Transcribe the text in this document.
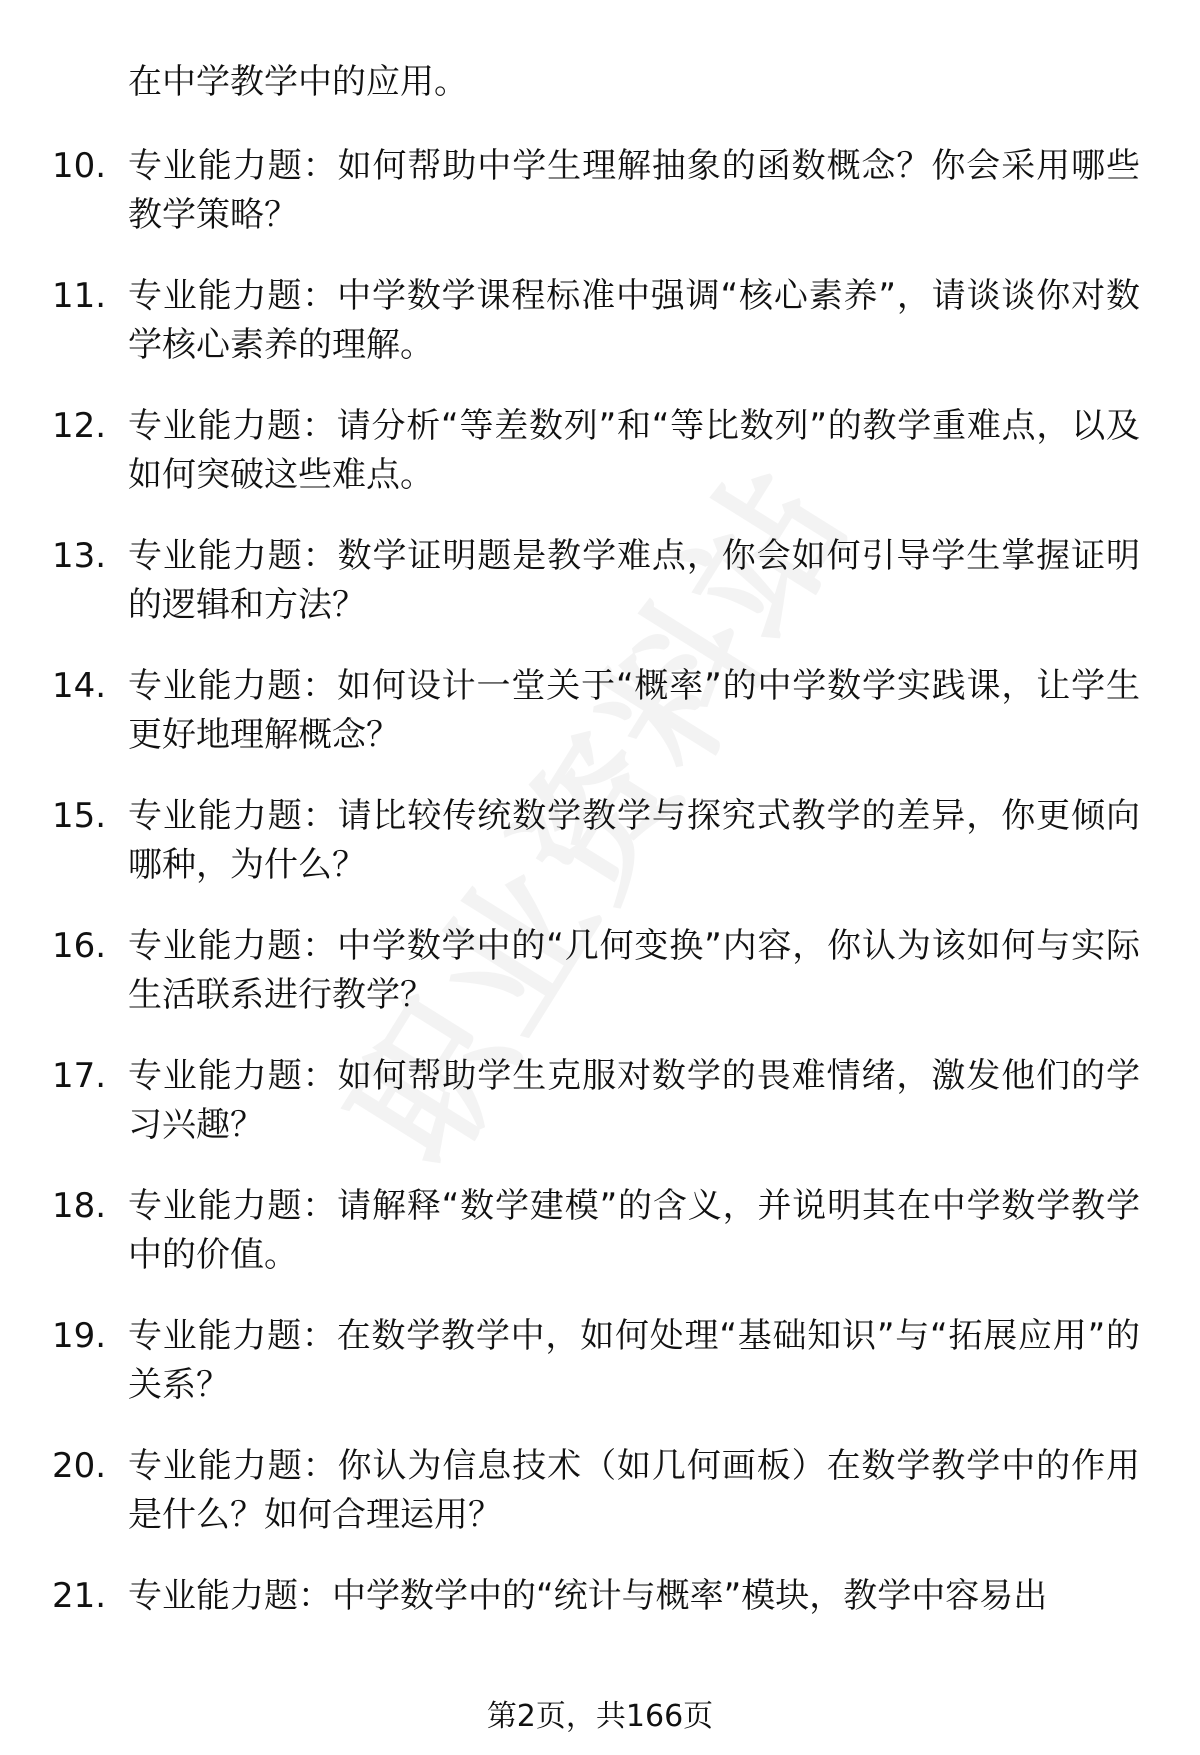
在中学教学中的应用。
10. 专业能力题：如何帮助中学生理解抽象的函数概念？你会采用哪些教学策略？
11. 专业能力题：中学数学课程标准中强调“核心素养”，请谈谈你对数学核心素养的理解。
12. 专业能力题：请分析“等差数列”和“等比数列”的教学重难点，以及如何突破这些难点。
13. 专业能力题：数学证明题是教学难点，你会如何引导学生掌握证明的逻辑和方法？
14. 专业能力题：如何设计一堂关于“概率”的中学数学实践课，让学生更好地理解概念？
15. 专业能力题：请比较传统数学教学与探究式教学的差异，你更倾向哪种，为什么？
16. 专业能力题：中学数学中的“几何变换”内容，你认为该如何与实际生活联系进行教学？
17. 专业能力题：如何帮助学生克服对数学的畏难情绪，激发他们的学习兴趣？
18. 专业能力题：请解释“数学建模”的含义，并说明其在中学数学教学中的价值。
19. 专业能力题：在数学教学中，如何处理“基础知识”与“拓展应用”的关系？
20. 专业能力题：你认为信息技术（如几何画板）在数学教学中的作用是什么？如何合理运用？
21. 专业能力题：中学数学中的“统计与概率”模块，教学中容易出
第2页，共166页
